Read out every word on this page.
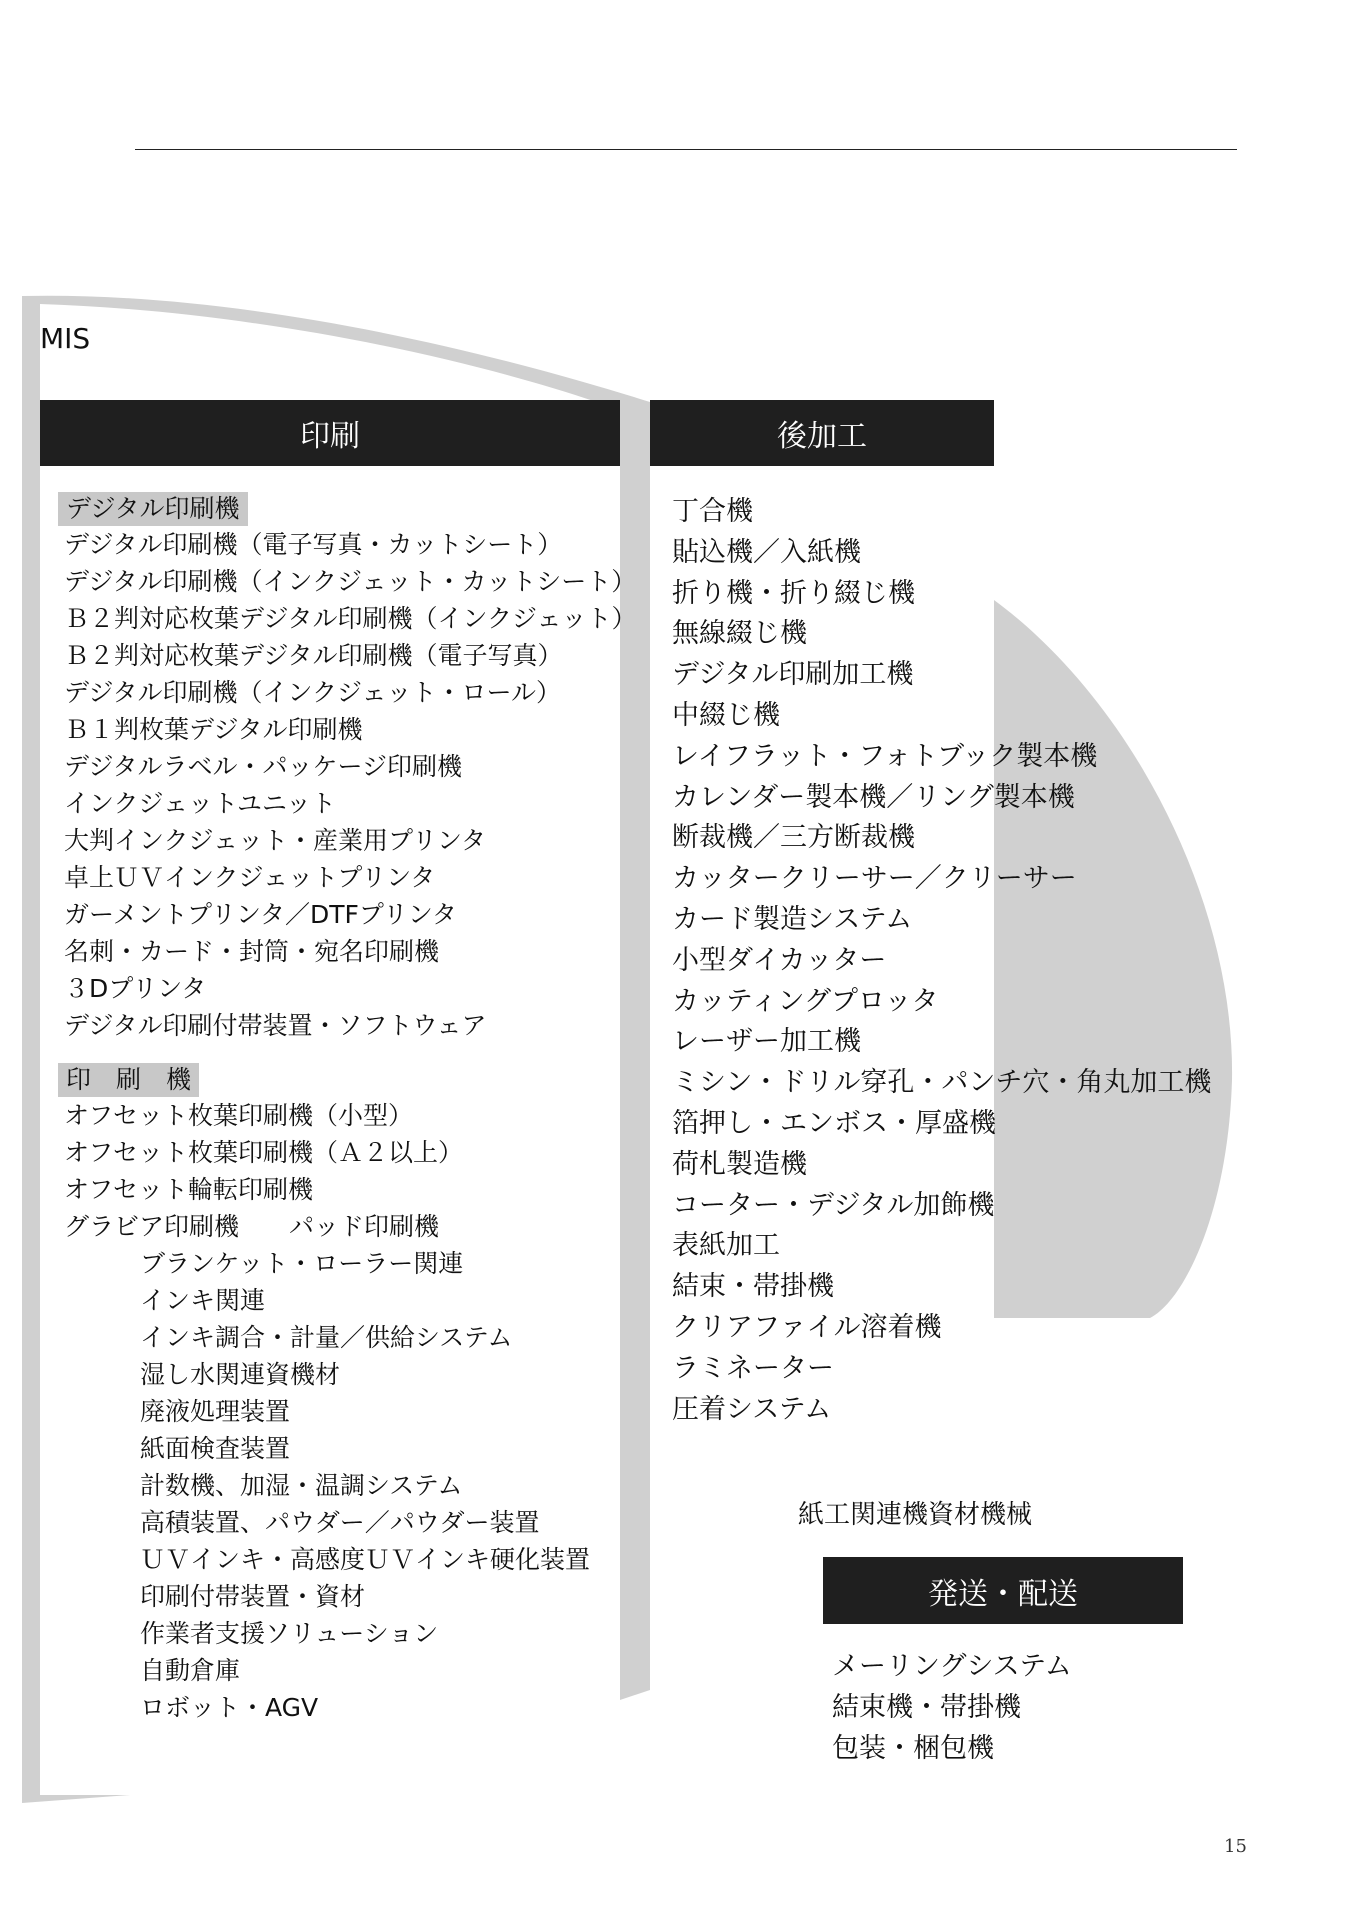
MIS
印刷	後加工
デジタル印刷機
デジタル印刷機（電子写真・カットシート）
デジタル印刷機（インクジェット・カットシート）
Ｂ２判対応枚葉デジタル印刷機（インクジェット）
Ｂ２判対応枚葉デジタル印刷機（電子写真）
デジタル印刷機（インクジェット・ロール）
Ｂ１判枚葉デジタル印刷機
デジタルラベル・パッケージ印刷機
インクジェットユニット
大判インクジェット・産業用プリンタ
卓上ＵＶインクジェットプリンタ
ガーメントプリンタ／DTFプリンタ
名刺・カード・封筒・宛名印刷機
３Dプリンタ
デジタル印刷付帯装置・ソフトウェア
印　刷　機
オフセット枚葉印刷機（小型）
オフセット枚葉印刷機（Ａ２以上）
オフセット輪転印刷機
グラビア印刷機　　パッド印刷機
ブランケット・ローラー関連
インキ関連
インキ調合・計量／供給システム
湿し水関連資機材
廃液処理装置
紙面検査装置
計数機、加湿・温調システム
高積装置、パウダー／パウダー装置
ＵＶインキ・高感度ＵＶインキ硬化装置
印刷付帯装置・資材
作業者支援ソリューション
自動倉庫
ロボット・AGV
丁合機
貼込機／入紙機
折り機・折り綴じ機
無線綴じ機
デジタル印刷加工機
中綴じ機
レイフラット・フォトブック製本機
カレンダー製本機／リング製本機
断裁機／三方断裁機
カッタークリーサー／クリーサー
カード製造システム
小型ダイカッター
カッティングプロッタ
レーザー加工機
ミシン・ドリル穿孔・パンチ穴・角丸加工機
箔押し・エンボス・厚盛機
荷札製造機
コーター・デジタル加飾機
表紙加工
結束・帯掛機
クリアファイル溶着機
ラミネーター
圧着システム
紙工関連機資材機械
発送・配送
メーリングシステム
結束機・帯掛機
包装・梱包機
15
